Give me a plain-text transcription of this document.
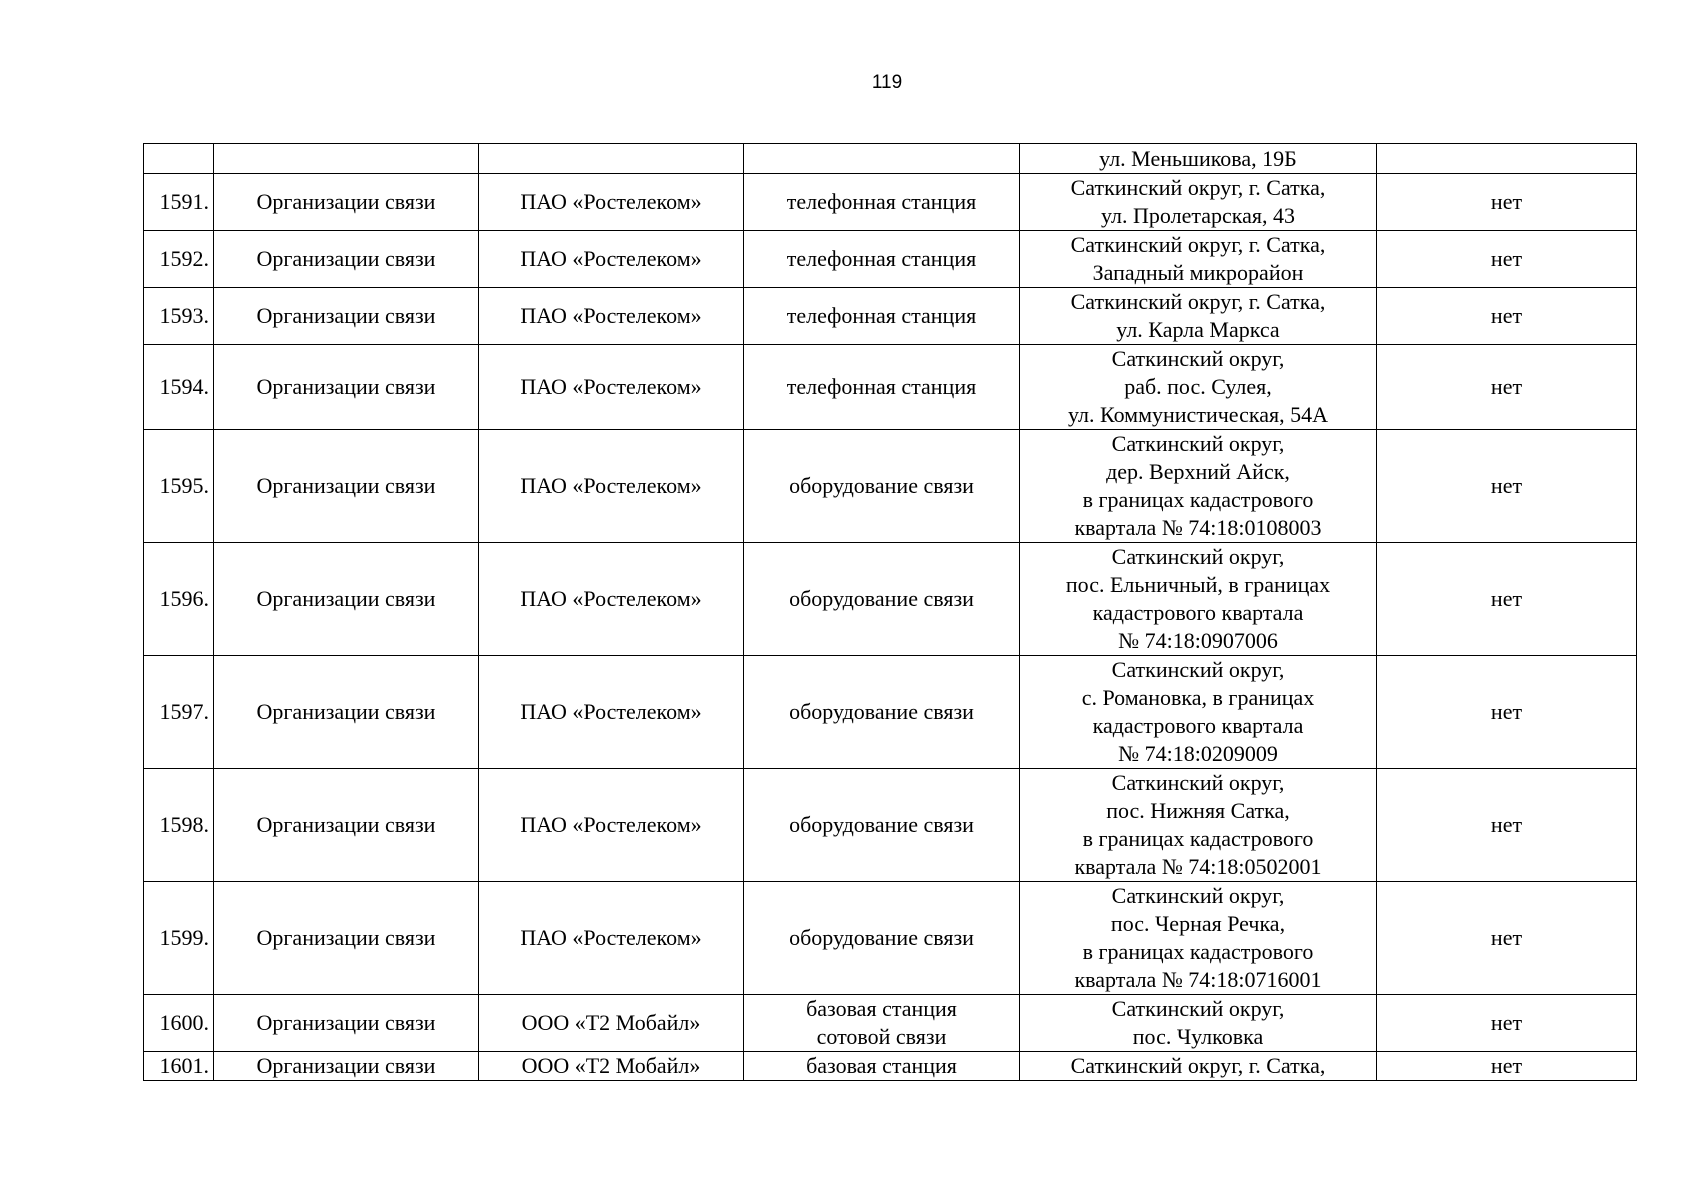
119
				ул. Меньшикова, 19Б	
1591.	Организации связи	ПАО «Ростелеком»	телефонная станция	Саткинский округ, г. Сатка,
ул. Пролетарская, 43	нет
1592.	Организации связи	ПАО «Ростелеком»	телефонная станция	Саткинский округ, г. Сатка,
Западный микрорайон	нет
1593.	Организации связи	ПАО «Ростелеком»	телефонная станция	Саткинский округ, г. Сатка,
ул. Карла Маркса	нет
1594.	Организации связи	ПАО «Ростелеком»	телефонная станция	Саткинский округ,
раб. пос. Сулея,
ул. Коммунистическая, 54А	нет
1595.	Организации связи	ПАО «Ростелеком»	оборудование связи	Саткинский округ,
дер. Верхний Айск,
в границах кадастрового
квартала № 74:18:0108003	нет
1596.	Организации связи	ПАО «Ростелеком»	оборудование связи	Саткинский округ,
пос. Ельничный, в границах
кадастрового квартала
№ 74:18:0907006	нет
1597.	Организации связи	ПАО «Ростелеком»	оборудование связи	Саткинский округ,
с. Романовка, в границах
кадастрового квартала
№ 74:18:0209009	нет
1598.	Организации связи	ПАО «Ростелеком»	оборудование связи	Саткинский округ,
пос. Нижняя Сатка,
в границах кадастрового
квартала № 74:18:0502001	нет
1599.	Организации связи	ПАО «Ростелеком»	оборудование связи	Саткинский округ,
пос. Черная Речка,
в границах кадастрового
квартала № 74:18:0716001	нет
1600.	Организации связи	ООО «Т2 Мобайл»	базовая станция
сотовой связи	Саткинский округ,
пос. Чулковка	нет
1601.	Организации связи	ООО «Т2 Мобайл»	базовая станция	Саткинский округ, г. Сатка,	нет
